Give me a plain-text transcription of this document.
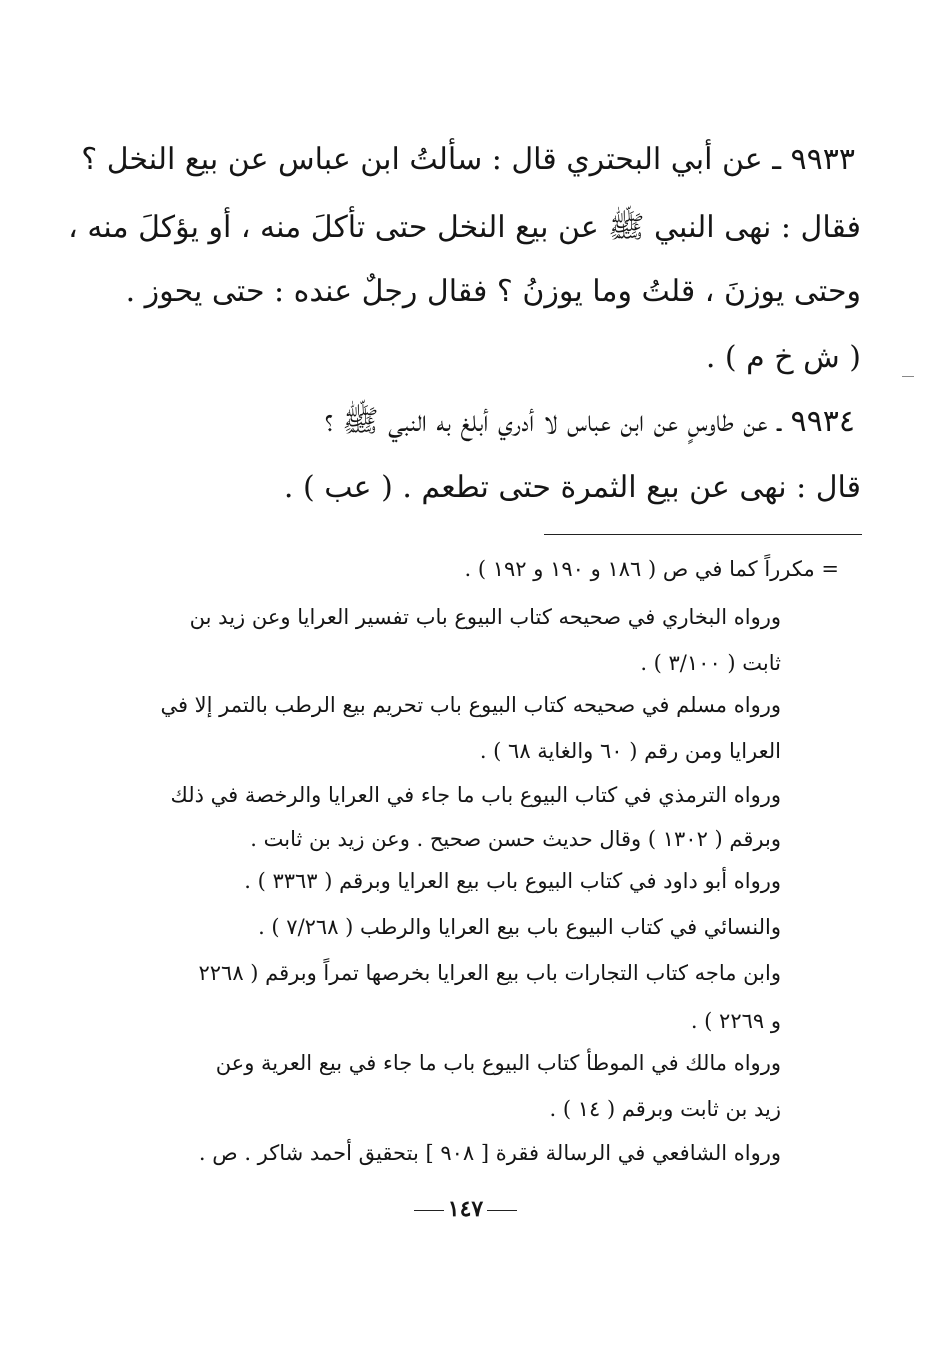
٩٩٣٣ ـ عن أبي البحتري قال : سألتُ ابن عباس عن بيع النخل ؟
فقال : نهى النبي ﷺ عن بيع النخل حتى تأكلَ منه ، أو يؤكلَ منه ،
وحتى يوزنَ ، قلتُ وما يوزنُ ؟ فقال رجلٌ عنده : حتى يحوز .
( ش خ م ) .
٩٩٣٤ ـ عن طاوسٍ عن ابن عباس لا أدري أبلغ به النبي ﷺ ؟
قال : نهى عن بيع الثمرة حتى تطعم . ( عب ) .
= مكرراً كما في ص ( ١٨٦ و ١٩٠ و ١٩٢ ) .
ورواه البخاري في صحيحه كتاب البيوع باب تفسير العرايا وعن زيد بن
ثابت ( ٣/١٠٠ ) .
ورواه مسلم في صحيحه كتاب البيوع باب تحريم بيع الرطب بالتمر إلا في
العرايا ومن رقم ( ٦٠ والغاية ٦٨ ) .
ورواه الترمذي في كتاب البيوع باب ما جاء في العرايا والرخصة في ذلك
وبرقم ( ١٣٠٢ ) وقال حديث حسن صحيح . وعن زيد بن ثابت .
ورواه أبو داود في كتاب البيوع باب بيع العرايا وبرقم ( ٣٣٦٣ ) .
والنسائي في كتاب البيوع باب بيع العرايا والرطب ( ٧/٢٦٨ ) .
وابن ماجه كتاب التجارات باب بيع العرايا بخرصها تمراً وبرقم ( ٢٢٦٨
و ٢٢٦٩ ) .
ورواه مالك في الموطأ كتاب البيوع باب ما جاء في بيع العرية وعن
زيد بن ثابت وبرقم ( ١٤ ) .
ورواه الشافعي في الرسالة فقرة [ ٩٠٨ ] بتحقيق أحمد شاكر . ص .
١٤٧
